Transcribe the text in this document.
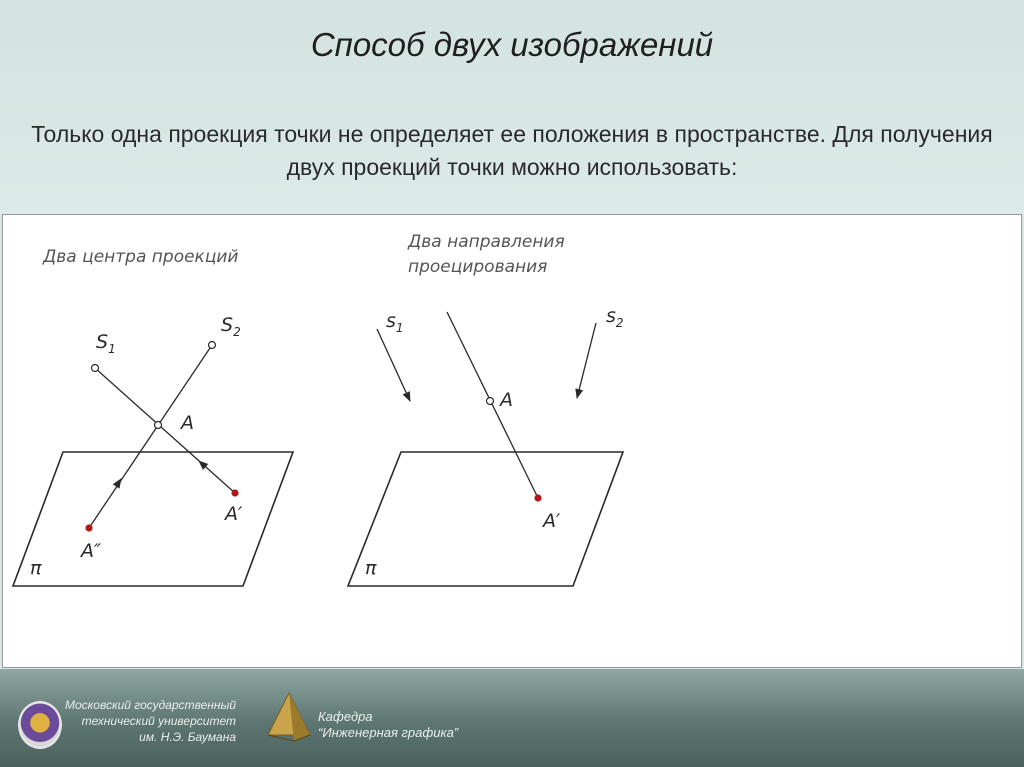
Способ двух изображений
Только одна проекция точки не определяет ее положения в пространстве. Для получения двух проекций точки можно использовать:
Два центра проекций
$S_1$
$S_2$
A
A′
A″
π
Два направления
проецирования
$s_1$
$s_2$
A
A′
π
Московский государственный
технический университет
им. Н.Э. Баумана
Кафедра
“Инженерная графика”
